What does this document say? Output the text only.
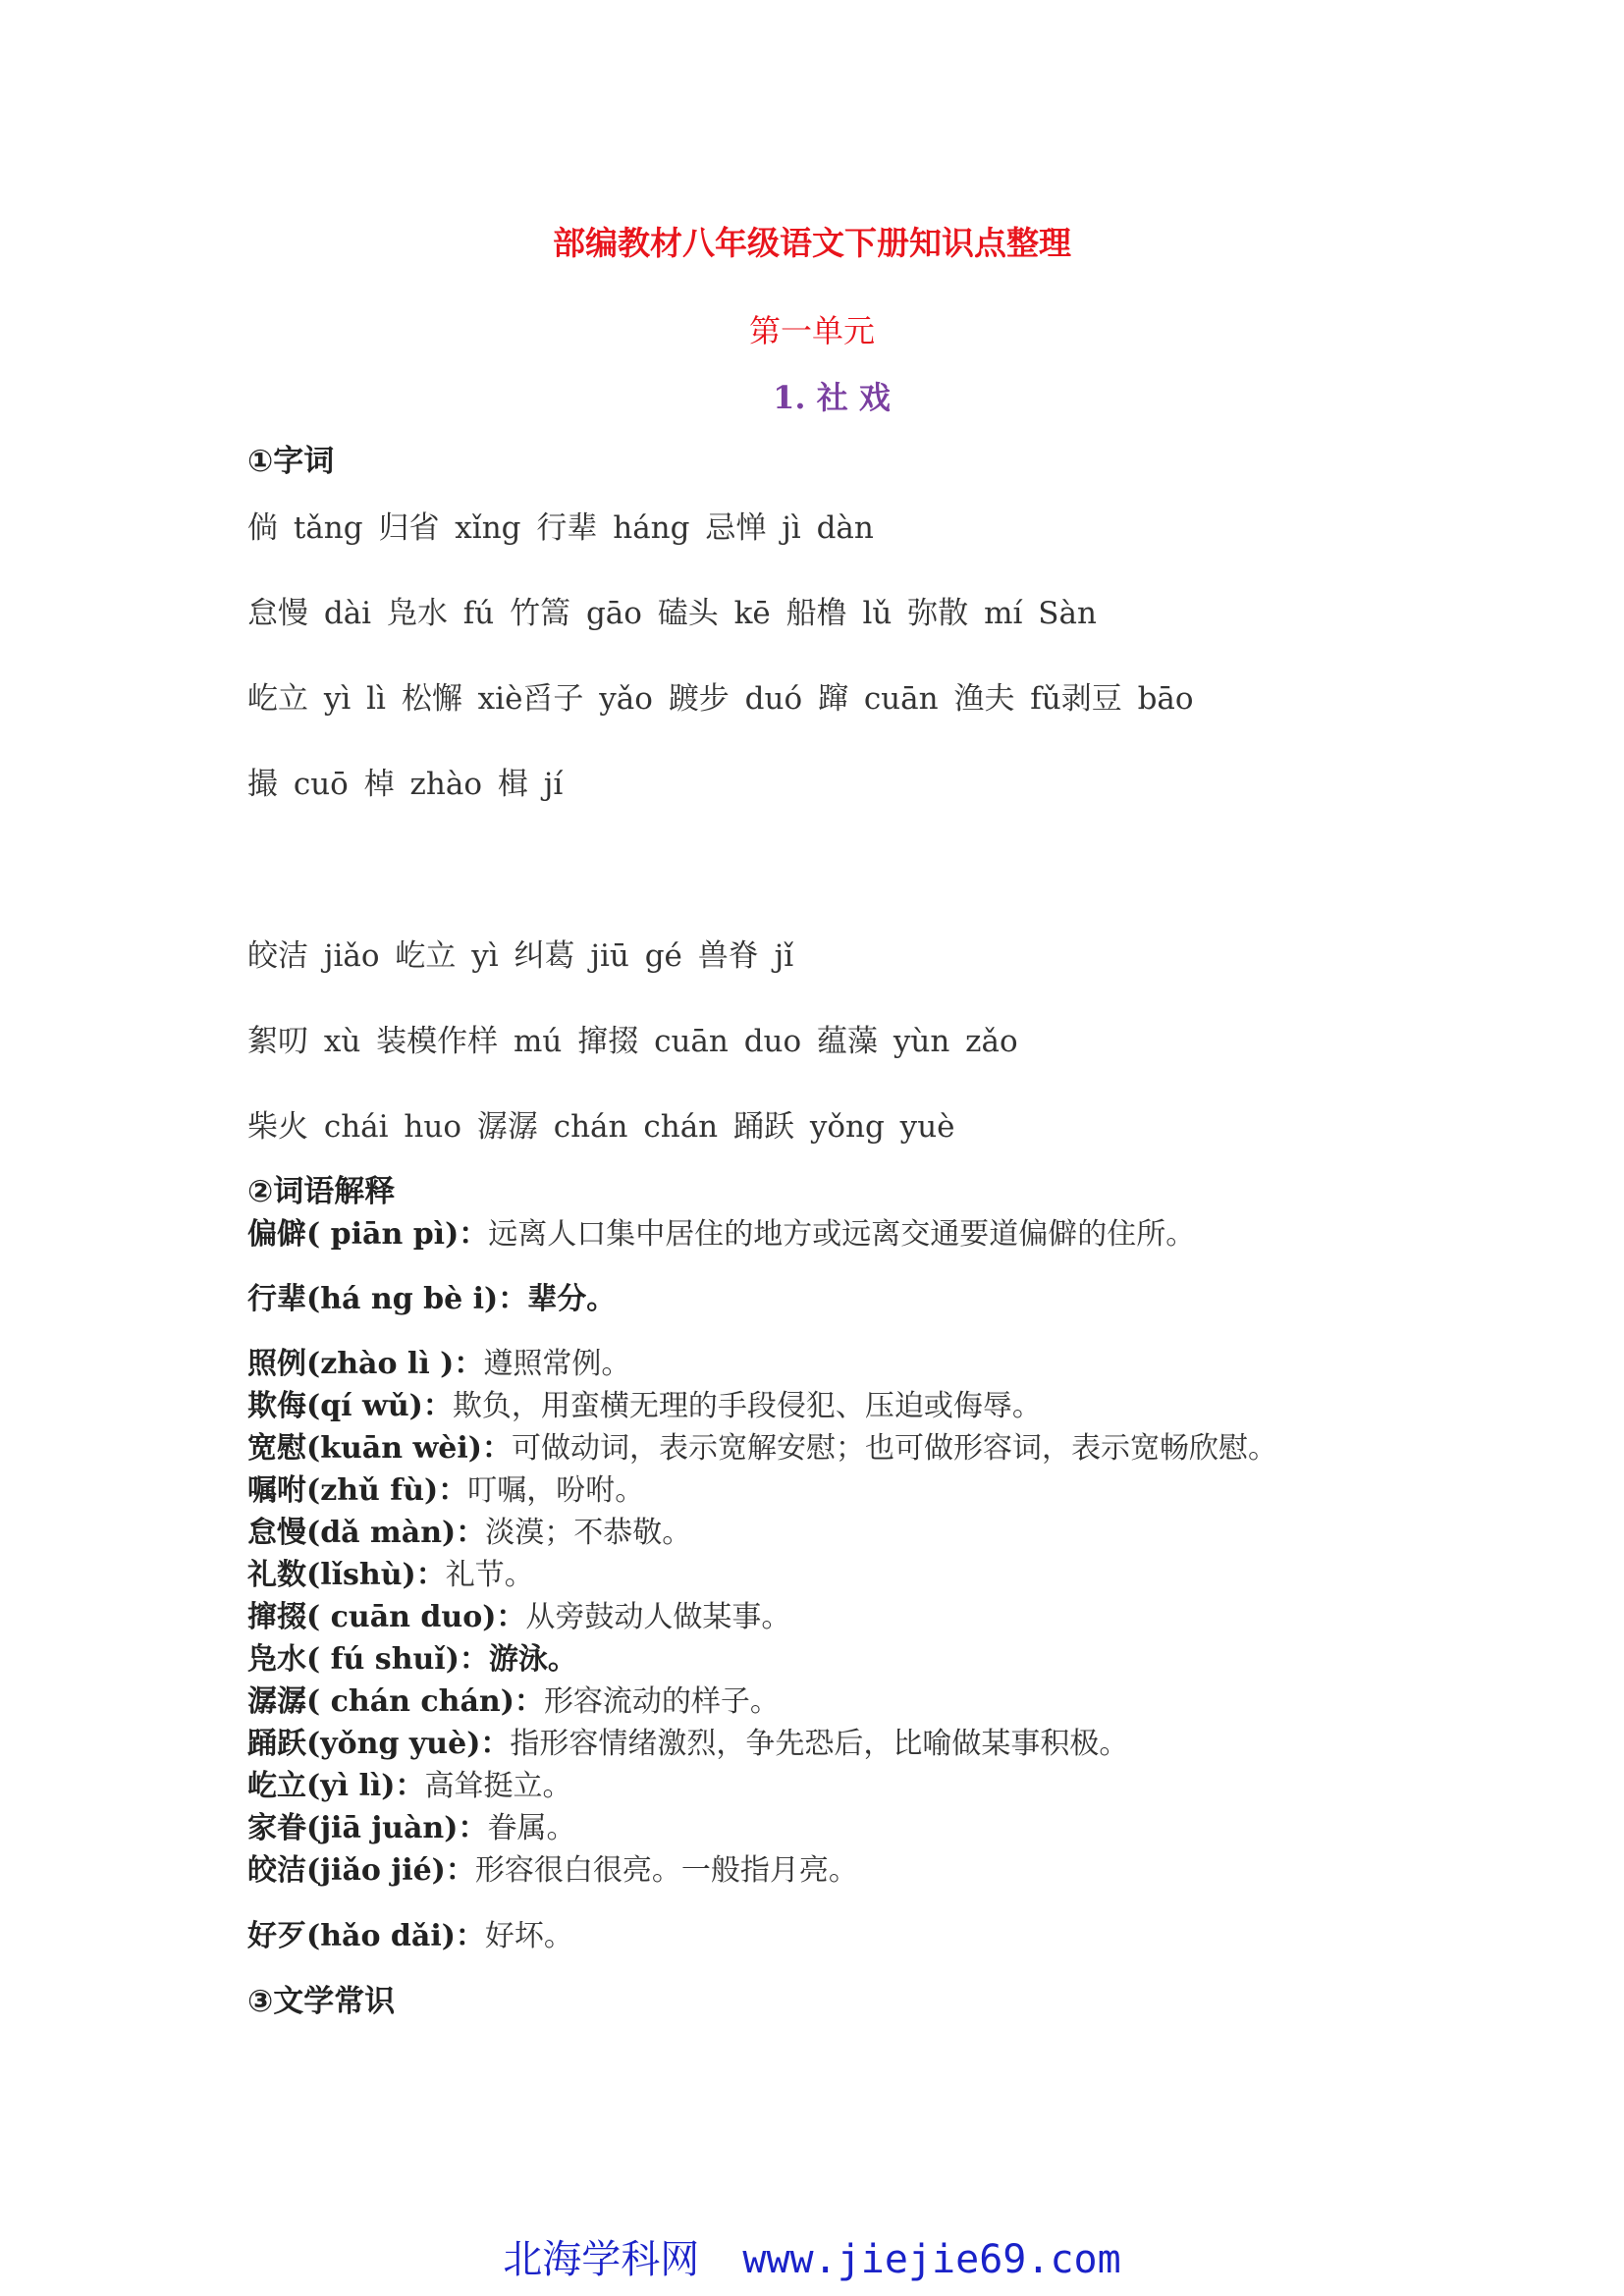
部编教材八年级语文下册知识点整理
第一单元
1. 社 戏
①字词
倘 tǎng 归省 xǐng 行辈 háng 忌惮 jì dàn
怠慢 dài 凫水 fú 竹篙 gāo 磕头 kē 船橹 lǔ 弥散 mí Sàn
屹立 yì lì 松懈 xiè舀子 yǎo 踱步 duó 蹿 cuān 渔夫 fǔ剥豆 bāo
撮 cuō 棹 zhào 楫 jí
皎洁 jiǎo 屹立 yì 纠葛 jiū gé 兽脊 jǐ
絮叨 xù 装模作样 mú 撺掇 cuān duo 蕴藻 yùn zǎo
柴火 chái huo 潺潺 chán chán 踊跃 yǒng yuè
②词语解释
偏僻( piān pì)：远离人口集中居住的地方或远离交通要道偏僻的住所。
行辈(há ng bè i)：辈分。
照例(zhào lì )：遵照常例。
欺侮(qí wǔ)：欺负，用蛮横无理的手段侵犯、压迫或侮辱。
宽慰(kuān wèi)：可做动词，表示宽解安慰；也可做形容词，表示宽畅欣慰。
嘱咐(zhǔ fù)：叮嘱，吩咐。
怠慢(dǎ màn)：淡漠；不恭敬。
礼数(lǐshù)：礼节。
撺掇( cuān duo)：从旁鼓动人做某事。
凫水( fú shuǐ)：游泳。
潺潺( chán chán)：形容流动的样子。
踊跃(yǒng yuè)：指形容情绪激烈，争先恐后，比喻做某事积极。
屹立(yì lì)：高耸挺立。
家眷(jiā juàn)：眷属。
皎洁(jiǎo jié)：形容很白很亮。一般指月亮。
好歹(hǎo dǎi)：好坏。
③文学常识
北海学科网 www.jiejie69.com
